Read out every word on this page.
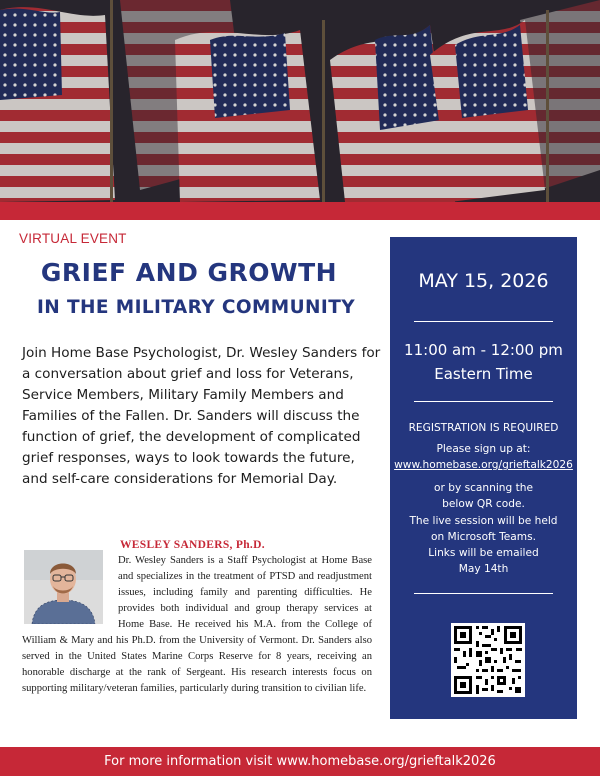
VIRTUAL EVENT
GRIEF AND GROWTH
IN THE MILITARY COMMUNITY
Join Home Base Psychologist, Dr. Wesley Sanders for a conversation about grief and loss for Veterans, Service Members, Military Family Members and Families of the Fallen. Dr. Sanders will discuss the function of grief, the development of complicated grief responses, ways to look towards the future, and self-care considerations for Memorial Day.
WESLEY SANDERS, Ph.D.
Dr. Wesley Sanders is a Staff Psychologist at Home Base and specializes in the treatment of PTSD and readjustment issues, including family and parenting difficulties. He provides both individual and group therapy services at Home Base. He received his M.A. from the College of William & Mary and his Ph.D. from the University of Vermont. Dr. Sanders also served in the United States Marine Corps Reserve for 8 years, receiving an honorable discharge at the rank of Sergeant. His research interests focus on supporting military/veteran families, particularly during transition to civilian life.
MAY 15, 2026
11:00 am - 12:00 pm
Eastern Time
REGISTRATION IS REQUIRED
Please sign up at:
www.homebase.org/grieftalk2026
or by scanning the
below QR code.
The live session will be held
on Microsoft Teams.
Links will be emailed
May 14th
For more information visit www.homebase.org/grieftalk2026
